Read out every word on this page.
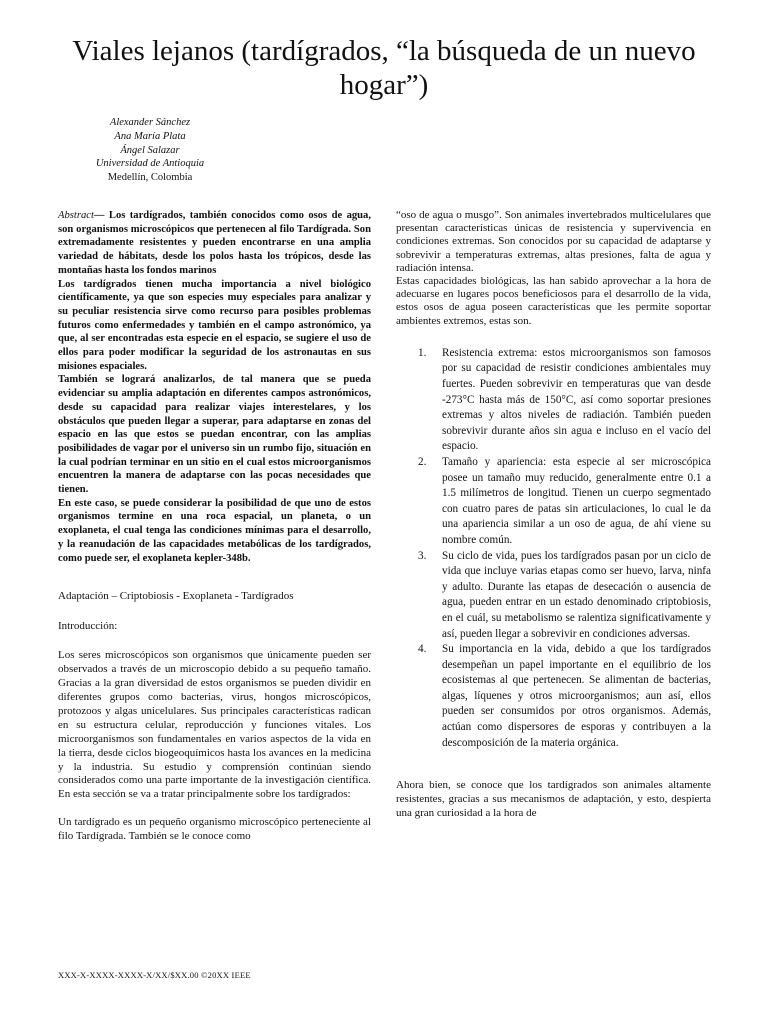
Viales lejanos (tardígrados, “la búsqueda de un nuevo hogar”)
Alexander Sánchez
Ana María Plata
Ángel Salazar
Universidad de Antioquia
Medellín, Colombia

Abstract— Los tardígrados, también conocidos como osos de agua, son organismos microscópicos que pertenecen al filo Tardígrada. Son extremadamente resistentes y pueden encontrarse en una amplia variedad de hábitats, desde los polos hasta los trópicos, desde las montañas hasta los fondos marinos

Los tardígrados tienen mucha importancia a nivel biológico científicamente, ya que son especies muy especiales para analizar y su peculiar resistencia sirve como recurso para posibles problemas futuros como enfermedades y también en el campo astronómico, ya que, al ser encontradas esta especie en el espacio, se sugiere el uso de ellos para poder modificar la seguridad de los astronautas en sus misiones espaciales.

También se logrará analizarlos, de tal manera que se pueda evidenciar su amplia adaptación en diferentes campos astronómicos, desde su capacidad para realizar viajes interestelares, y los obstáculos que pueden llegar a superar, para adaptarse en zonas del espacio en las que estos se puedan encontrar, con las amplias posibilidades de vagar por el universo sin un rumbo fijo, situación en la cual podrían terminar en un sitio en el cual estos microorganismos encuentren la manera de adaptarse con las pocas necesidades que tienen.

En este caso, se puede considerar la posibilidad de que uno de estos organismos termine en una roca espacial, un planeta, o un exoplaneta, el cual tenga las condiciones mínimas para el desarrollo, y la reanudación de las capacidades metabólicas de los tardígrados, como puede ser, el exoplaneta kepler-348b.

Adaptación – Criptobiosis - Exoplaneta - Tardígrados

Introducción:

Los seres microscópicos son organismos que únicamente pueden ser observados a través de un microscopio debido a su pequeño tamaño. Gracias a la gran diversidad de estos organismos se pueden dividir en diferentes grupos como bacterias, virus, hongos microscópicos, protozoos y algas unicelulares. Sus principales características radican en su estructura celular, reproducción y funciones vitales. Los microorganismos son fundamentales en varios aspectos de la vida en la tierra, desde ciclos biogeoquímicos hasta los avances en la medicina y la industria. Su estudio y comprensión continúan siendo considerados como una parte importante de la investigación científica. En esta sección se va a tratar principalmente sobre los tardígrados:

Un tardígrado es un pequeño organismo microscópico perteneciente al filo Tardígrada. También se le conoce como

“oso de agua o musgo”. Son animales invertebrados multicelulares que presentan características únicas de resistencia y supervivencia en condiciones extremas. Son conocidos por su capacidad de adaptarse y sobrevivir a temperaturas extremas, altas presiones, falta de agua y radiación intensa.

Estas capacidades biológicas, las han sabido aprovechar a la hora de adecuarse en lugares pocos beneficiosos para el desarrollo de la vida, estos osos de agua poseen características que les permite soportar ambientes extremos, estas son.

1. Resistencia extrema: estos microorganismos son famosos por su capacidad de resistir condiciones ambientales muy fuertes. Pueden sobrevivir en temperaturas que van desde -273°C hasta más de 150°C, así como soportar presiones extremas y altos niveles de radiación. También pueden sobrevivir durante años sin agua e incluso en el vacío del espacio.
2. Tamaño y apariencia: esta especie al ser microscópica posee un tamaño muy reducido, generalmente entre 0.1 a 1.5 milímetros de longitud. Tienen un cuerpo segmentado con cuatro pares de patas sin articulaciones, lo cual le da una apariencia similar a un oso de agua, de ahí viene su nombre común.
3. Su ciclo de vida, pues los tardígrados pasan por un ciclo de vida que incluye varias etapas como ser huevo, larva, ninfa y adulto. Durante las etapas de desecación o ausencia de agua, pueden entrar en un estado denominado criptobiosis, en el cuál, su metabolismo se ralentiza significativamente y así, pueden llegar a sobrevivir en condiciones adversas.
4. Su importancia en la vida, debido a que los tardígrados desempeñan un papel importante en el equilibrio de los ecosistemas al que pertenecen. Se alimentan de bacterias, algas, líquenes y otros microorganismos; aun así, ellos pueden ser consumidos por otros organismos. Además, actúan como dispersores de esporas y contribuyen a la descomposición de la materia orgánica.

Ahora bien, se conoce que los tardígrados son animales altamente resistentes, gracias a sus mecanismos de adaptación, y esto, despierta una gran curiosidad a la hora de

XXX-X-XXXX-XXXX-X/XX/$XX.00 ©20XX IEEE
